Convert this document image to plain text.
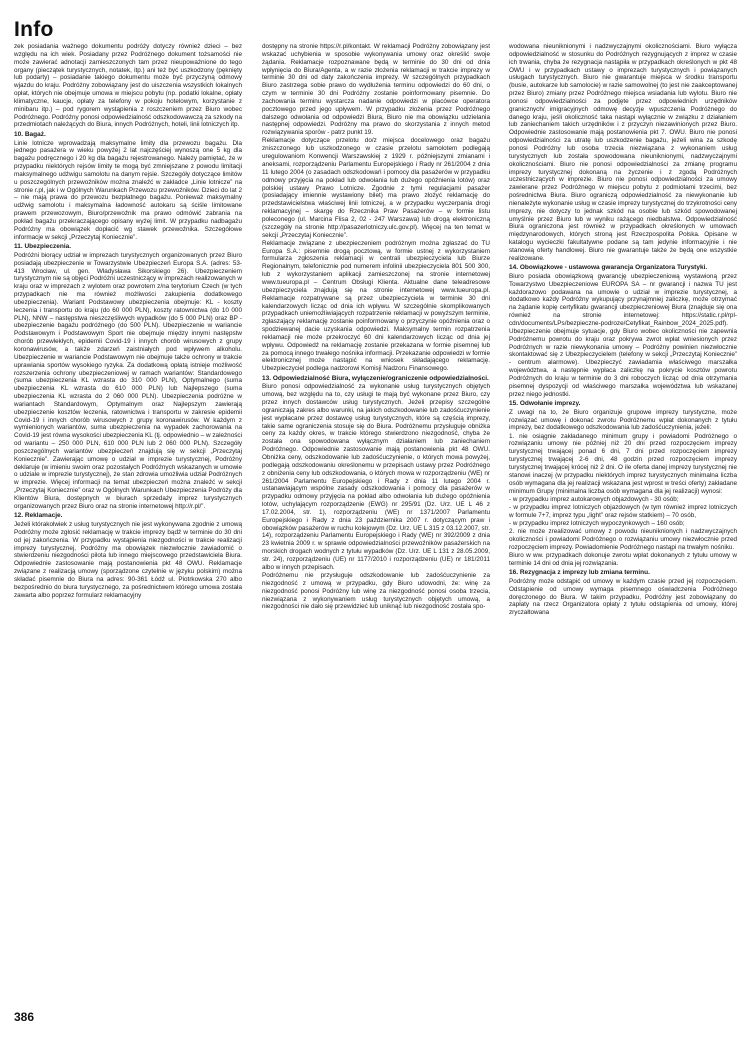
Info

zek posiadania ważnego dokumentu podróży dotyczy również dzieci – bez względu na ich wiek. Posiadany przez Podróżnego dokument tożsamości nie może zawierać adnotacji zamieszczonych tam przez nieupoważnione do tego organy (pieczątek turystycznych, notatek, itp.) ani też być uszkodzony (pęknięty lub podarty) – posiadanie takiego dokumentu może być przyczyną odmowy wjazdu do kraju. Podróżny zobowiązany jest do uiszczenia wszystkich lokalnych opłat, których nie obejmuje umowa w miejscu pobytu (np. podatki lokalne, opłaty klimatyczne, kaucje, opłaty za telefony w pokoju hotelowym, korzystanie z minibaru itp.) – pod rygorem wystąpienia z roszczeniem przez Biuro wobec Podróżnego. Podróżny ponosi odpowiedzialność odszkodowawczą za szkody na przedmiotach należących do Biura, innych Podróżnych, hoteli, linii lotniczych itp.

10. Bagaż.

Linie lotnicze wprowadzają maksymalne limity dla przewozu bagażu. Dla jednego pasażera w wieku powyżej 2 lat najczęściej wynoszą one 5 kg dla bagażu podręcznego i 20 kg dla bagażu rejestrowanego. Należy pamiętać, że w przypadku niektórych rejsów limity te mogą być zmniejszane z powodu limitacji maksymalnego udźwigu samolotu na danym rejsie. Szczegóły dotyczące limitów u poszczególnych przewoźników można znaleźć w zakładce „Linie lotnicze” na stronie r.pl, jak i w Ogólnych Warunkach Przewozu przewoźników. Dzieci do lat 2 – nie mają prawa do przewozu bezpłatnego bagażu. Ponieważ maksymalny udźwig samolotu i maksymalna ładowność autokaru są ściśle limitowane prawem przewozowym, Biuro/przewoźnik ma prawo odmówić zabrania na pokład bagażu przekraczającego opisany wyżej limit. W przypadku nadbagażu Podróżny ma obowiązek dopłacić wg stawek przewoźnika. Szczegółowe informacje w sekcji „Przeczytaj Koniecznie”.

11. Ubezpieczenia.

Podróżni biorący udział w imprezach turystycznych organizowanych przez Biuro posiadają ubezpieczenie w Towarzystwie Ubezpieczeń Europa S.A. (adres: 53-413 Wrocław, ul. gen. Władysława Sikorskiego 26). Ubezpieczeniem turystycznym nie są objęci Podróżni uczestniczący w imprezach realizowanych w kraju oraz w imprezach z wylotem oraz powrotem z/na terytorium Czech (w tych przypadkach nie ma również możliwości zakupienia dodatkowego ubezpieczenia). Wariant Podstawowy ubezpieczenia obejmuje: KL - koszty leczenia i transportu do kraju (do 60 000 PLN), koszty ratownictwa (do 10 000 PLN), NNW – następstwa nieszczęśliwych wypadków (do 5 000 PLN) oraz BP - ubezpieczenie bagażu podróżnego (do 500 PLN). Ubezpieczenie w wariancie Podstawowym i Podstawowym Sport nie obejmuje między innymi następstw chorób przewlekłych, epidemii Covid-19 i innych chorób wirusowych z grupy koronawirusów, a także zdarzeń zaistniałych pod wpływem alkoholu. Ubezpieczenie w wariancie Podstawowym nie obejmuje także ochrony w trakcie uprawiania sportów wysokiego ryzyka. Za dodatkową opłatą istnieje możliwość rozszerzenia ochrony ubezpieczeniowej w ramach wariantów: Standardowego (suma ubezpieczenia KL wzrasta do 310 000 PLN), Optymalnego (suma ubezpieczenia KL wzrasta do 610 000 PLN) lub Najlepszego (suma ubezpieczenia KL wzrasta do 2 060 000 PLN). Ubezpieczenia podróżne w wariantach Standardowym, Optymalnym oraz Najlepszym zawierają ubezpieczenie kosztów leczenia, ratownictwa i transportu w zakresie epidemii Covid-19 i innych chorób wirusowych z grupy koronawirusów. W każdym z wymienionych wariantów, suma ubezpieczenia na wypadek zachorowania na Covid-19 jest równa wysokości ubezpieczenia KL (tj. odpowiednio – w zależności od wariantu – 250 000 PLN, 610 000 PLN lub 2 060 000 PLN). Szczegóły poszczególnych wariantów ubezpieczeń znajdują się w sekcji „Przeczytaj Koniecznie”. Zawierając umowę o udział w imprezie turystycznej, Podróżny deklaruje (w imieniu swoim oraz pozostałych Podróżnych wskazanych w umowie o udziale w imprezie turystycznej), że stan zdrowia umożliwia udział Podróżnych w imprezie. Więcej informacji na temat ubezpieczeń można znaleźć w sekcji „Przeczytaj Koniecznie” oraz w Ogólnych Warunkach Ubezpieczenia Podróży dla Klientów Biura, dostępnych w biurach sprzedaży imprez turystycznych organizowanych przez Biuro oraz na stronie internetowej http://r.pl/”.

12. Reklamacje.

Jeżeli którakolwiek z usług turystycznych nie jest wykonywana zgodnie z umową Podróżny może zgłosić reklamację w trakcie imprezy bądź w terminie do 30 dni od jej zakończenia. W przypadku wystąpienia niezgodności w trakcie realizacji imprezy turystycznej, Podróżny ma obowiązek niezwłocznie zawiadomić o stwierdzeniu niezgodności pilota lub innego miejscowego przedstawiciela Biura. Odpowiednie zastosowanie mają postanowienia pkt 48 OWU. Reklamacje związane z realizacją umowy (sporządzone czytelnie w języku polskim) można składać pisemnie do Biura na adres: 90-361 Łódź ul. Piotrkowska 270 albo bezpośrednio do biura turystycznego, za pośrednictwem którego umowa została zawarta albo poprzez formularz reklamacyjny

dostępny na stronie https://r.pl/kontakt. W reklamacji Podróżny zobowiązany jest wskazać uchybienia w sposobie wykonywania umowy oraz określić swoje żądania. Reklamacje rozpoznawane będą w terminie do 30 dni od dnia wpłynięcia do Biura/Agenta, a w razie złożenia reklamacji w trakcie imprezy w terminie 30 dni od daty zakończenia imprezy. W szczególnych przypadkach Biuro zastrzega sobie prawo do wydłużenia terminu odpowiedzi do 60 dni, o czym w terminie 30 dni Podróżny zostanie poinformowany pisemnie. Do zachowania terminu wystarcza nadanie odpowiedzi w placówce operatora pocztowego przed jego upływem. W przypadku złożenia przez Podróżnego dalszego odwołania od odpowiedzi Biura, Biuro nie ma obowiązku udzielania następnej odpowiedzi. Podróżny ma prawo do skorzystania z innych metod rozwiązywania sporów - patrz punkt 19.

Reklamacje dotyczące przelotu do/z miejsca docelowego oraz bagażu zniszczonego lub uszkodzonego w czasie przelotu samolotem podlegają uregulowaniom Konwencji Warszawskiej z 1929 r. późniejszymi zmianami i aneksami, rozporządzeniu Parlamentu Europejskiego i Rady nr 261/2004 z dnia 11 lutego 2004 (o zasadach odszkodowań i pomocy dla pasażerów w przypadku odmowy przyjęcia na pokład lub odwołania lub dużego opóźnienia lotów) oraz polskiej ustawy Prawo Lotnicze. Zgodnie z tymi regulacjami pasażer (posiadający imiennie wystawiony bilet) ma prawo złożyć reklamację do przedstawicielstwa właściwej linii lotniczej, a w przypadku wyczerpania drogi reklamacyjnej – skargę do Rzecznika Praw Pasażerów – w formie listu poleconego (ul. Marcina Flisa 2, 02 - 247 Warszawa) lub drogą elektroniczną (szczegóły na stronie http://pasazerlotniczy.ulc.gov.pl). Więcej na ten temat w sekcji „Przeczytaj Koniecznie”.

Reklamacje związane z ubezpieczeniem podróżnym można zgłaszać do TU Europa S.A.: pisemnie drogą pocztową, w formie ustnej z wykorzystaniem formularza zgłoszenia reklamacji w centrali ubezpieczyciela lub Biurze Regionalnym, telefonicznie pod numerem infolinii ubezpieczyciela 801 500 300, lub z wykorzystaniem aplikacji zamieszczonej na stronie internetowej www.tueuropa.pl – Centrum Obsługi Klienta. Aktualne dane teleadresowe ubezpieczyciela znajdują się na stronie internetowej www.tueuropa.pl. Reklamacje rozpatrywane są przez ubezpieczyciela w terminie 30 dni kalendarzowych licząc od dnia ich wpływu. W szczególnie skomplikowanych przypadkach uniemożliwiających rozpatrzenie reklamacji w powyższym terminie, zgłaszający reklamację zostanie poinformowany o przyczynie opóźnienia oraz o spodziewanej dacie uzyskania odpowiedzi. Maksymalny termin rozpatrzenia reklamacji nie może przekroczyć 60 dni kalendarzowych licząc od dnia jej wpływu. Odpowiedź na reklamację zostanie przekazana w formie pisemnej lub za pomocą innego trwałego nośnika informacji. Przekazanie odpowiedzi w formie elektronicznej może nastąpić na wniosek składającego reklamację. Ubezpieczyciel podlega nadzorowi Komisji Nadzoru Finansowego.

13. Odpowiedzialność Biura, wyłączenie/ograniczenie odpowiedzialności.

Biuro ponosi odpowiedzialność za wykonanie usług turystycznych objętych umową, bez względu na to, czy usługi te mają być wykonane przez Biuro, czy przez innych dostawców usług turystycznych. Jeżeli przepisy szczególne ograniczają zakres albo warunki, na jakich odszkodowanie lub zadośćuczynienie jest wypłacane przez dostawcę usług turystycznych, które są częścią imprezy, takie same ograniczenia stosuje się do Biura. Podróżnemu przysługuje obniżka ceny za każdy okres, w trakcie którego stwierdzono niezgodność, chyba że została ona spowodowana wyłącznym działaniem lub zaniechaniem Podróżnego. Odpowiednie zastosowanie mają postanowienia pkt 48 OWU. Obniżka ceny, odszkodowanie lub zadośćuczynienie, o których mowa powyżej, podlegają odszkodowaniu określonemu w przepisach ustawy przez Podróżnego z obniżenia ceny lub odszkodowania, o których mowa w rozporządzeniu (WE) nr 261/2004 Parlamentu Europejskiego i Rady z dnia 11 lutego 2004 r. ustanawiającym wspólne zasady odszkodowania i pomocy dla pasażerów w przypadku odmowy przyjęcia na pokład albo odwołania lub dużego opóźnienia lotów, uchylającym rozporządzenie (EWG) nr 295/91 (Dz. Urz. UE L 46 z 17.02.2004, str. 1), rozporządzeniu (WE) nr 1371/2007 Parlamentu Europejskiego i Rady z dnia 23 października 2007 r. dotyczącym praw i obowiązków pasażerów w ruchu kolejowym (Dz. Urz. UE L 315 z 03.12.2007, str. 14), rozporządzeniu Parlamentu Europejskiego i Rady (WE) nr 392/2009 z dnia 23 kwietnia 2009 r. w sprawie odpowiedzialności przewoźników pasażerskich na morskich drogach wodnych z tytułu wypadków (Dz. Urz. UE L 131 z 28.05.2009, str. 24), rozporządzeniu (UE) nr 1177/2010 i rozporządzeniu (UE) nr 181/2011 albo w innych przepisach.

Podróżnemu nie przysługuje odszkodowanie lub zadośćuczynienie za niezgodność z umową w przypadku, gdy Biuro udowodni, że: winę za niezgodność ponosi Podróżny lub winę za niezgodność ponosi osoba trzecia, niezwiązana z wykonywaniem usług turystycznych objętych umową, a niezgodności nie dało się przewidzieć lub uniknąć lub niezgodność została spo-

wodowana nieuniknionymi i nadzwyczajnymi okolicznościami. Biuro wyłącza odpowiedzialność w stosunku do Podróżnych rezygnujących z imprez w czasie ich trwania, chyba że rezygnacja nastąpiła w przypadkach określonych w pkt 48 OWU i w przypadkach ustawy o imprezach turystycznych i powiązanych usługach turystycznych. Biuro nie gwarantuje miejsca w środku transportu (busie, autokarze lub samolocie) w razie samowolnej (to jest nie zaakceptowanej przez Biuro) zmiany przez Podróżnego miejsca wsiadania lub wylotu. Biuro nie ponosi odpowiedzialności za podjęte przez odpowiednich urzędników granicznych/ imigracyjnych odmowę decyzje wpuszczenia Podróżnego do danego kraju, jeśli okoliczność taka nastąpi wyłącznie w związku z działaniem lub zaniechaniem takich urzędników i z przyczyn niezawinionych przez Biuro. Odpowiednie zastosowanie mają postanowienia pkt 7. OWU. Biuro nie ponosi odpowiedzialności za utratę lub uszkodzenie bagażu, jeżeli wina za szkodę ponosi Podróżny lub osoba trzecia niezwiązana z wykonaniem usług turystycznych lub została spowodowana nieuniknionymi, nadzwyczajnymi okolicznościami. Biuro nie ponosi odpowiedzialności za zmianę programu imprezy turystycznej dokonaną na życzenie i z zgodą Podróżnych uczestniczących w imprezie. Biuro nie ponosi odpowiedzialności za umowy zawierane przez Podróżnego w miejscu pobytu z podmiotami trzecimi, bez pośrednictwa Biura. Biuro ograniczą odpowiedzialność za niewykonanie lub nienależyte wykonanie usług w czasie imprezy turystycznej do trzykrotności ceny imprezy, nie dotyczy to jednak szkód na osobie lub szkód spowodowanej umyślnie przez Biuro lub w wyniku rażącego niedbalstwa. Odpowiedzialność Biura ograniczona jest również w przypadkach określonych w umowach międzynarodowych, których stroną jest Rzeczpospolita Polska. Opisane w katalogu wycieczki fakultatywne podane są tam jedynie informacyjnie i nie stanowią oferty handlowej. Biuro nie gwarantuje także że będą one wszystkie realizowane.

14. Obowiązkowe - ustawowa gwarancja Organizatora Turystyki.

Biuro posiada obowiązkową gwarancję ubezpieczeniową wystawioną przez Towarzystwo Ubezpieczeniowe EUROPA SA – nr gwarancji i nazwa TU jest każdorazowo podawana na umowie o udział w imprezie turystycznej, a dodatkowo każdy Podróżny wykupujący przynajmniej zaliczkę, może otrzymać na żądanie kopię certyfikatu gwarancji ubezpieczeniowej Biura (znajduje się ona również na stronie internetowej: https://static.r.pl/rpl-cdn/documents/LPs/bezpieczne-podroze/Cetyfikat_Rainbow_2024_2025.pdf). Ubezpieczenie obejmuje sytuacje, gdy Biuro wobec okoliczności nie zapewnia Podróżnemu powrotu do kraju oraz pokrywa zwrot wpłat wniesionych przez Podróżnych w razie niewykonania umowy – Podróżny powinien niezwłocznie skontaktować się z Ubezpieczycielem (telefony w sekcji „Przeczytaj Koniecznie” - centrum alarmowe). Ubezpieczyć zawiadamia właściwego marszałka województwa, a następnie wypłaca zaliczkę na pokrycie kosztów powrotu Podróżnych do kraju w terminie do 3 dni roboczych licząc od dnia otrzymania pisemnej dyspozycji od właściwego marszałka województwa lub wskazanej przez niego jednostki.

15. Odwołanie imprezy.

Z uwagi na to, że Biuro organizuje grupowe imprezy turystyczne, może rozwiązać umowę i dokonać zwrotu Podróżnemu wpłat dokonanych z tytułu imprezy, bez dodatkowego odszkodowania lub zadośćuczynienia, jeżeli:

1. nie osiągnie zakładanego minimum grupy i powiadomi Podróżnego o rozwiązaniu umowy nie później niż 20 dni przed rozpoczęciem imprezy turystycznej trwającej ponad 6 dni, 7 dni przed rozpoczęciem imprezy turystycznej trwającej 2-6 dni, 48 godzin przed rozpoczęciem imprezy turystycznej trwającej krócej niż 2 dni. O ile oferta danej imprezy turystycznej nie stanowi inaczej (w przypadku niektórych imprez turystycznych minimalna liczba osób wymagana dla jej realizacji wskazana jest wprost w treści oferty) zakładane minimum Grupy (minimalna liczba osób wymagana dla jej realizacji) wynosi:

- w przypadku imprez autokarowych objazdowych - 30 osób;

- w przypadku imprez lotniczych objazdowych (w tym również imprez lotniczych w formule 7+7, imprez typu „light” oraz rejsów statkiem) – 70 osób,

- w przypadku imprez lotniczych wypoczynkowych – 160 osób;

2. nie może zrealizować umowy z powodu nieuniknionych i nadzwyczajnych okoliczności i powiadomi Podróżnego o rozwiązaniu umowy niezwłocznie przed rozpoczęciem imprezy. Powiadomienie Podróżnego nastąpi na trwałym nośniku.

Biuro w ww. przypadkach dokonuje zwrotu wpłat dokonanych z tytułu umowy w terminie 14 dni od dnia jej rozwiązania.

16. Rezygnacja z imprezy lub zmiana terminu.

Podróżny może odstąpić od umowy w każdym czasie przed jej rozpoczęciem. Odstąpienie od umowy wymaga pisemnego oświadczenia Podróżnego doręczonego do Biura. W takim przypadku, Podróżny jest zobowiązany do zapłaty na rzecz Organizatora opłaty z tytułu odstąpienia od umowy, której zryczałtowana

386
